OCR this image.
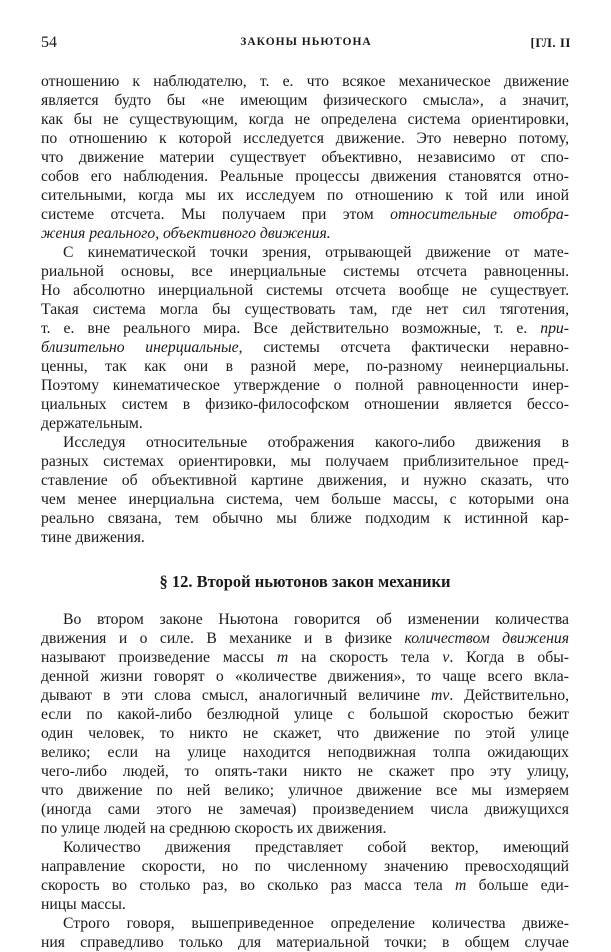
54	ЗАКОНЫ НЬЮТОНА	[ГЛ. II

отношению к наблюдателю, т. е. что всякое механическое движение
является будто бы «не имеющим физического смысла», а значит,
как бы не существующим, когда не определена система ориентировки,
по отношению к которой исследуется движение. Это неверно потому,
что движение материи существует объективно, независимо от спо-
собов его наблюдения. Реальные процессы движения становятся отно-
сительными, когда мы их исследуем по отношению к той или иной
системе отсчета. Мы получаем при этом относительные отобра-
жения реального, объективного движения.

С кинематической точки зрения, отрывающей движение от мате-
риальной основы, все инерциальные системы отсчета равноценны.
Но абсолютно инерциальной системы отсчета вообще не существует.
Такая система могла бы существовать там, где нет сил тяготения,
т. е. вне реального мира. Все действительно возможные, т. е. при-
близительно инерциальные, системы отсчета фактически неравно-
ценны, так как они в разной мере, по-разному неинерциальны.
Поэтому кинематическое утверждение о полной равноценности инер-
циальных систем в физико-философском отношении является бессо-
держательным.

Исследуя относительные отображения какого-либо движения в
разных системах ориентировки, мы получаем приблизительное пред-
ставление об объективной картине движения, и нужно сказать, что
чем менее инерциальна система, чем больше массы, с которыми она
реально связана, тем обычно мы ближе подходим к истинной кар-
тине движения.

§ 12. Второй ньютонов закон механики

Во втором законе Ньютона говорится об изменении количества
движения и о силе. В механике и в физике количеством движения
называют произведение массы m на скорость тела v. Когда в обы-
денной жизни говорят о «количестве движения», то чаще всего вкла-
дывают в эти слова смысл, аналогичный величине mv. Действительно,
если по какой-либо безлюдной улице с большой скоростью бежит
один человек, то никто не скажет, что движение по этой улице
велико; если на улице находится неподвижная толпа ожидающих
чего-либо людей, то опять-таки никто не скажет про эту улицу,
что движение по ней велико; уличное движение все мы измеряем
(иногда сами этого не замечая) произведением числа движущихся
по улице людей на среднюю скорость их движения.

Количество движения представляет собой вектор, имеющий
направление скорости, но по численному значению превосходящий
скорость во столько раз, во сколько раз масса тела m больше еди-
ницы массы.

Строго говоря, вышеприведенное определение количества движе-
ния справедливо только для материальной точки; в общем случае
